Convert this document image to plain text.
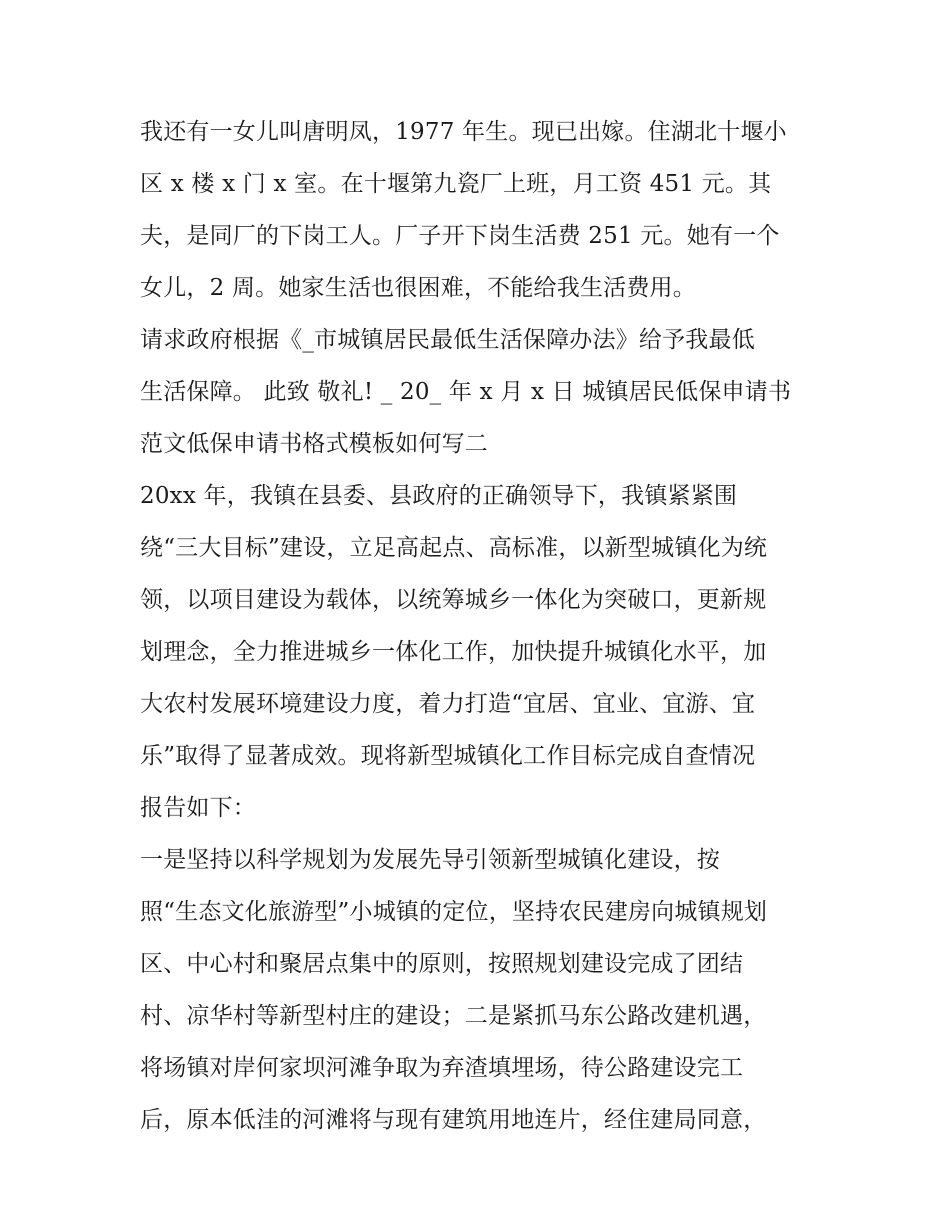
我还有一女儿叫唐明凤，1977 年生。现已出嫁。住湖北十堰小
区 x 楼 x 门 x 室。在十堰第九瓷厂上班，月工资 451 元。其
夫，是同厂的下岗工人。厂子开下岗生活费 251 元。她有一个
女儿，2 周。她家生活也很困难，不能给我生活费用。
请求政府根据《_市城镇居民最低生活保障办法》给予我最低
生活保障。 此致 敬礼! _ 20_ 年 x 月 x 日 城镇居民低保申请书
范文低保申请书格式模板如何写二
20xx 年，我镇在县委、县政府的正确领导下，我镇紧紧围
绕“三大目标”建设，立足高起点、高标准，以新型城镇化为统
领，以项目建设为载体，以统筹城乡一体化为突破口，更新规
划理念，全力推进城乡一体化工作，加快提升城镇化水平，加
大农村发展环境建设力度，着力打造“宜居、宜业、宜游、宜
乐”取得了显著成效。现将新型城镇化工作目标完成自查情况
报告如下：
一是坚持以科学规划为发展先导引领新型城镇化建设，按
照“生态文化旅游型”小城镇的定位，坚持农民建房向城镇规划
区、中心村和聚居点集中的原则，按照规划建设完成了团结
村、凉华村等新型村庄的建设；二是紧抓马东公路改建机遇，
将场镇对岸何家坝河滩争取为弃渣填埋场，待公路建设完工
后，原本低洼的河滩将与现有建筑用地连片，经住建局同意，
